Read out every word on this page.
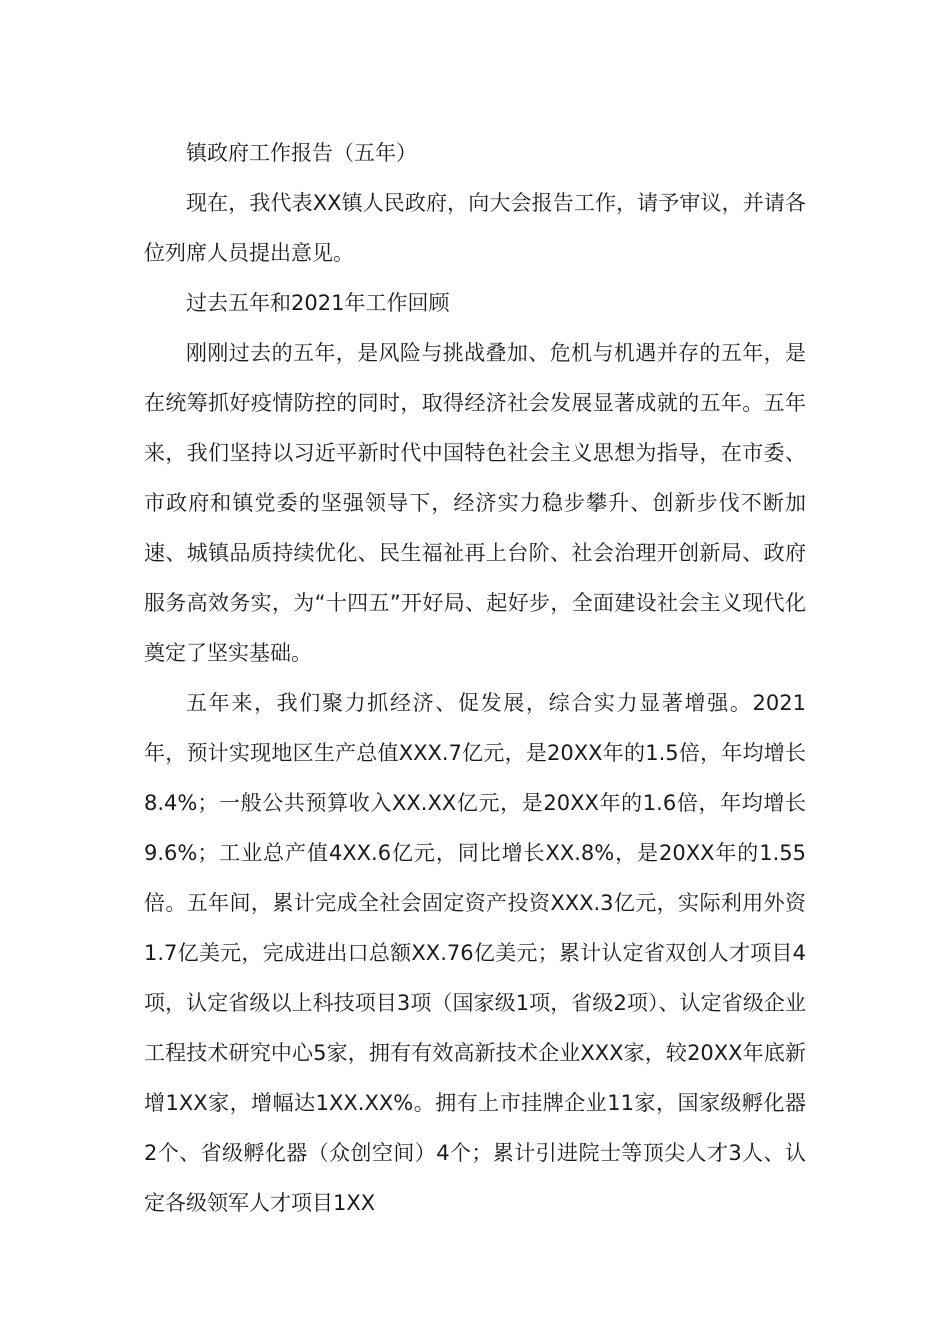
镇政府工作报告（五年）

现在，我代表XX镇人民政府，向大会报告工作，请予审议，并请各位列席人员提出意见。

过去五年和2021年工作回顾

刚刚过去的五年，是风险与挑战叠加、危机与机遇并存的五年，是在统筹抓好疫情防控的同时，取得经济社会发展显著成就的五年。五年来，我们坚持以习近平新时代中国特色社会主义思想为指导，在市委、市政府和镇党委的坚强领导下，经济实力稳步攀升、创新步伐不断加速、城镇品质持续优化、民生福祉再上台阶、社会治理开创新局、政府服务高效务实，为“十四五”开好局、起好步，全面建设社会主义现代化奠定了坚实基础。

五年来，我们聚力抓经济、促发展，综合实力显著增强。2021年，预计实现地区生产总值XXX.7亿元，是20XX年的1.5倍，年均增长8.4%；一般公共预算收入XX.XX亿元，是20XX年的1.6倍，年均增长9.6%；工业总产值4XX.6亿元，同比增长XX.8%，是20XX年的1.55倍。五年间，累计完成全社会固定资产投资XXX.3亿元，实际利用外资1.7亿美元，完成进出口总额XX.76亿美元；累计认定省双创人才项目4项，认定省级以上科技项目3项（国家级1项，省级2项）、认定省级企业工程技术研究中心5家，拥有有效高新技术企业XXX家，较20XX年底新增1XX家，增幅达1XX.XX%。拥有上市挂牌企业11家，国家级孵化器2个、省级孵化器（众创空间）4个；累计引进院士等顶尖人才3人、认定各级领军人才项目1XX
